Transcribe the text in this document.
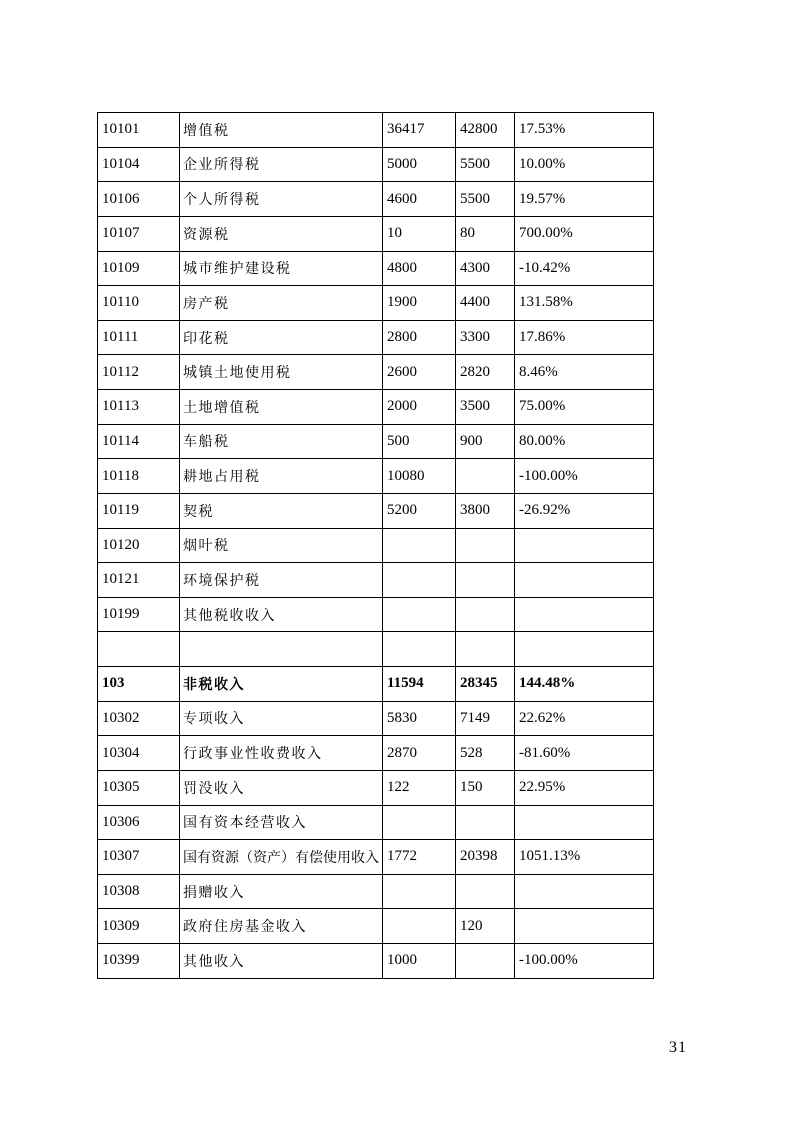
10101	增值税	36417	42800	17.53%
10104	企业所得税	5000	5500	10.00%
10106	个人所得税	4600	5500	19.57%
10107	资源税	10	80	700.00%
10109	城市维护建设税	4800	4300	-10.42%
10110	房产税	1900	4400	131.58%
10111	印花税	2800	3300	17.86%
10112	城镇土地使用税	2600	2820	8.46%
10113	土地增值税	2000	3500	75.00%
10114	车船税	500	900	80.00%
10118	耕地占用税	10080		-100.00%
10119	契税	5200	3800	-26.92%
10120	烟叶税			
10121	环境保护税			
10199	其他税收收入			

103	非税收入	11594	28345	144.48%
10302	专项收入	5830	7149	22.62%
10304	行政事业性收费收入	2870	528	-81.60%
10305	罚没收入	122	150	22.95%
10306	国有资本经营收入			
10307	国有资源（资产）有偿使用收入	1772	20398	1051.13%
10308	捐赠收入			
10309	政府住房基金收入		120	
10399	其他收入	1000		-100.00%
31
